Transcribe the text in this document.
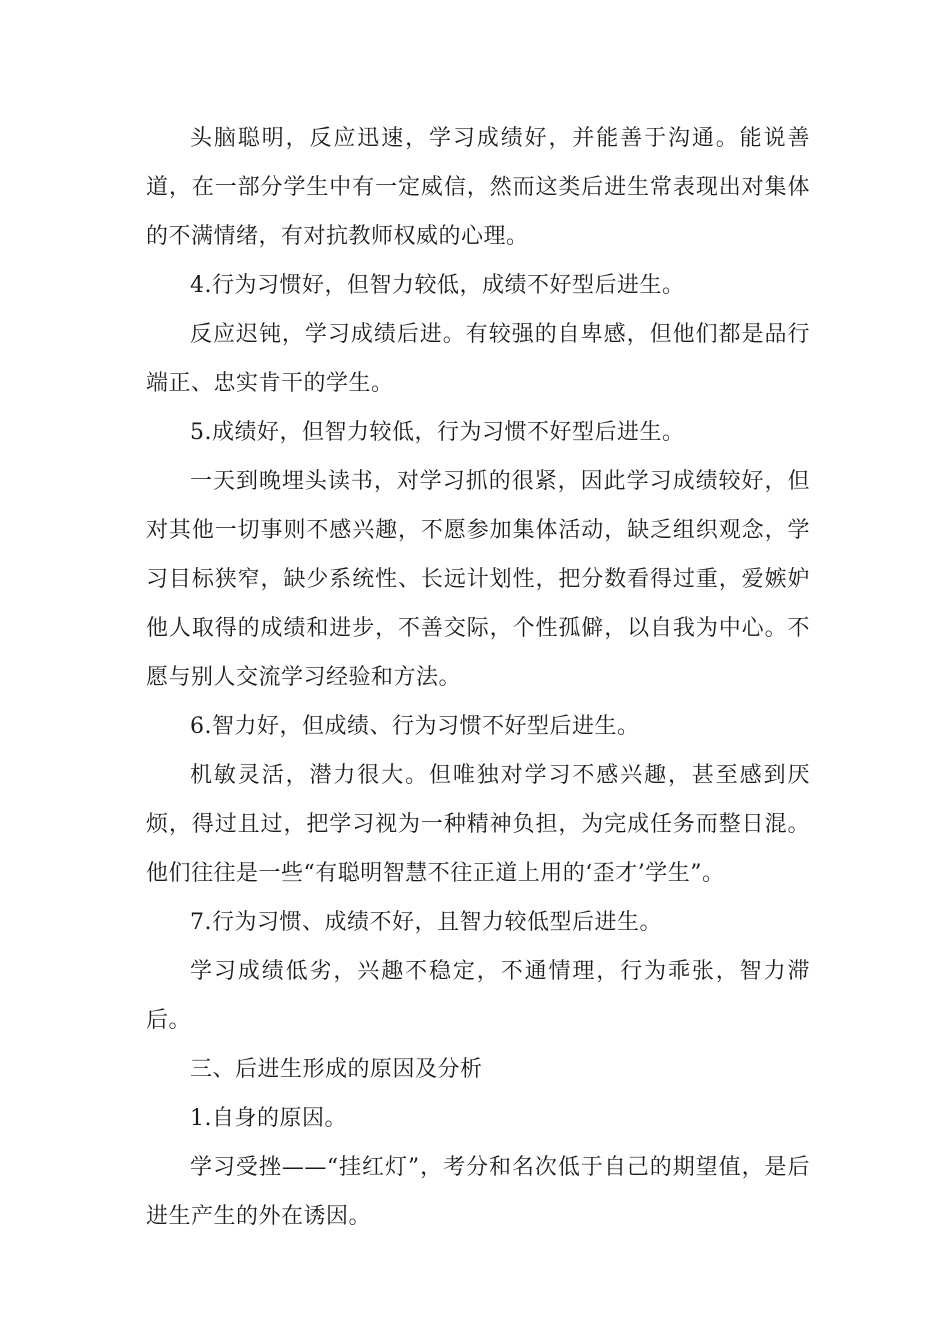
头脑聪明，反应迅速，学习成绩好，并能善于沟通。能说善道，在一部分学生中有一定威信，然而这类后进生常表现出对集体的不满情绪，有对抗教师权威的心理。

4.行为习惯好，但智力较低，成绩不好型后进生。

反应迟钝，学习成绩后进。有较强的自卑感，但他们都是品行端正、忠实肯干的学生。

5.成绩好，但智力较低，行为习惯不好型后进生。

一天到晚埋头读书，对学习抓的很紧，因此学习成绩较好，但对其他一切事则不感兴趣，不愿参加集体活动，缺乏组织观念，学习目标狭窄，缺少系统性、长远计划性，把分数看得过重，爱嫉妒他人取得的成绩和进步，不善交际，个性孤僻，以自我为中心。不愿与别人交流学习经验和方法。

6.智力好，但成绩、行为习惯不好型后进生。

机敏灵活，潜力很大。但唯独对学习不感兴趣，甚至感到厌烦，得过且过，把学习视为一种精神负担，为完成任务而整日混。他们往往是一些“有聪明智慧不往正道上用的‘歪才’学生”。

7.行为习惯、成绩不好，且智力较低型后进生。

学习成绩低劣，兴趣不稳定，不通情理，行为乖张，智力滞后。

三、后进生形成的原因及分析

1.自身的原因。

学习受挫——“挂红灯”，考分和名次低于自己的期望值，是后进生产生的外在诱因。
